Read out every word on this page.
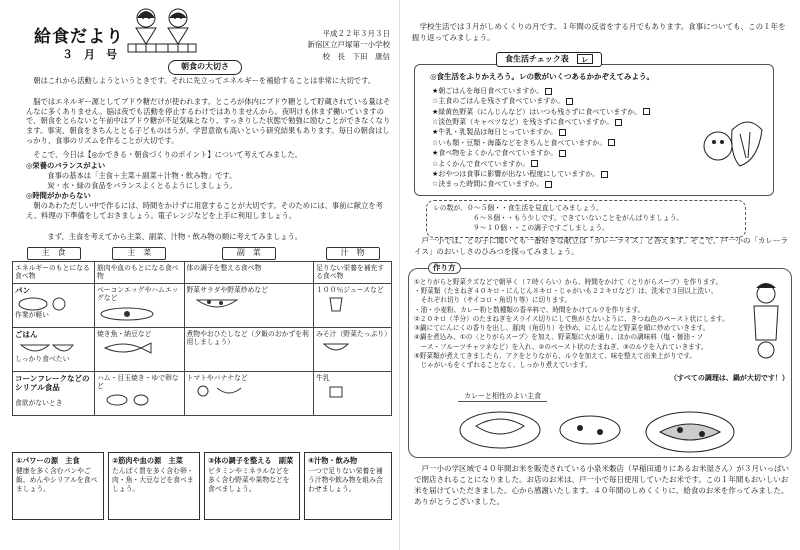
給食だより
３　月　号
平成２２年３月３日
新宿区立戸塚第一小学校
校　長　下田　康信
朝食の大切さ
朝はこれから活動しようというときです。それに先立ってエネルギーを補給することは非常に大切です。
脳ではエネルギー源としてブドウ糖だけが使われます。ところが体内にブドウ糖として貯蔵されている量はそんなに多くありません。脳は夜でも活動を停止するわけではありませんから、夜明けも休まず働いていますので、朝食をとらないと午前中はブドウ糖が不足気味となり、すっきりした状態で勉強に励むことができなくなります。事実、朝食をきちんととる子どものほうが、学習意欲も高いという研究結果もあります。毎日の朝食はしっかり、食事のリズムを作ることが大切です。
そこで、今日は【◎かできる・朝食づくりのポイント】について考えてみました。
◎栄養のバランスがよい
食事の基本は「主食＋主菜＋副菜＋汁物・飲み物」です。
炭・水・緑の食品をバランスよくとるようにしましょう。
◎時間がかからない
朝のあわただしい中で作るには、時間をかけずに用意することが大切です。そのためには、事前に献立を考え、料理の下準備をしておきましょう。電子レンジなどを上手に利用しましょう。
まず、主食を考えてから主菜、副菜、汁物・飲み物の順に考えてみましょう。
主　食	主　菜	副　菜	汁　物
エネルギーのもとになる食べ物	筋肉や血のもとになる食べ物	体の調子を整える食べ物	足りない栄養を補充する食べ物

パン
作業が軽い	ベーコンエッグやハムエッグなど	野菜サラダや野菜炒めなど	１００％ジュースなど

ごはん
しっかり食べたい	焼き魚・納豆など	煮物やおひたしなど（夕飯のおかずを利用しましょう）	みそ汁（野菜たっぷり）

コーンフレークなどのシリアル食品
食欲がないとき	ハム・目玉焼き・ゆで卵など	トマトやバナナなど	牛乳
①パワーの源　主食
健康を多く含むパンやご飯、めんやシリアルを食べましょう。
②筋肉や血の源　主菜
たんぱく質を多く含む卵・肉・魚・大豆などを食べましょう。
③体の調子を整える　副菜
ビタミンやミネラルなどを多く含む野菜や果物などを食べましょう。
④汁物・飲み物
一つで足りない栄養を補う汁物や飲み物を組み合わせましょう。
学校生活では３月がしめくくりの月です。１年間の反省をする月でもあります。食事についても、この１年を振り返ってみましょう。
食生活チェック表 レ
◎食生活をふりかえろう。レの数がいくつあるかかぞえてみよう。
★朝ごはんを毎日食べていますか。
☆主食のごはんを残さず食べていますか。
★緑黄色野菜（にんじんなど）はいつも残さずに食べていますか。
☆淡色野菜（キャベツなど）を残さずに食べていますか。
★牛乳・乳製品は毎日とっていますか。
☆いも類・豆類・海藻などをきちんと食べていますか。
★食べ物をよくかんで食べていますか。
☆よくかんで食べていますか。
★おやつは食事に影響が出ない程度にしていますか。
☆決まった時間に食べていますか。
レの数が、０～５個・・食生活を見直してみましょう。
６～８個・・もう少しです。できていないことをがんばりましょう。
９～１０個・・この調子ですごしましょう。
戸一小では、どの子に聞いても一番好きな献立は「カレーライス」と答えます。そこで、戸一小の「カレーライス」のおいしさのひみつを探ってみましょう。
作り方
①とりがらと野菜クズなどで朝早く（７時くらい）から、時間をかけて（とりがらスープ）を作ります。
・野菜類（たまねぎ４０キロ・にんじん８キロ・じゃがいも２２キロなど）は、洗米で３回以上洗い、
　それぞれ切り（サイコロ・角切り等）に切ります。
・油・小麦粉、カレー粉と数種類の香辛料で、時間をかけてルウを作ります。
②２０キロ（半分）のたまねぎをスライス切りにして焦がさないように、きつね色のペースト状にします。
③鍋にてにんにくの香りを出し、豚肉（角切り）を炒め、にんじんなど野菜を順に炒めていきます。
④鍋を煮込み、①の〈とりがらスープ〉を加え、野菜類に火が通り、ほかの調味料（塩・醤油・ソ
　ース・フルーツチャツネなど）を入れ、②のペースト状のたまねぎ、③のルウを入れていきます。
⑤野菜類が煮えてきましたら、アクをとりながら、ルウを加えて、味を整えて出来上がりです。
　じゃがいもをくずれることなく、しっかり煮えています。
（すべての調理は、鍋が大切です！）
カレーと相性のよい主食
戸一小の学区域で４０年間お米を販売されている小泉米穀店（早稲田通りにあるお米屋さん）が３月いっぱいで閉店されることになりました。お店のお米は、戸一小で毎日使用していたお米です。この１年間もおいしいお米を届けていただきました。心から感謝いたします。４０年間のしめくくりに、給食のお米を作ってみました。ありがとうございました。
